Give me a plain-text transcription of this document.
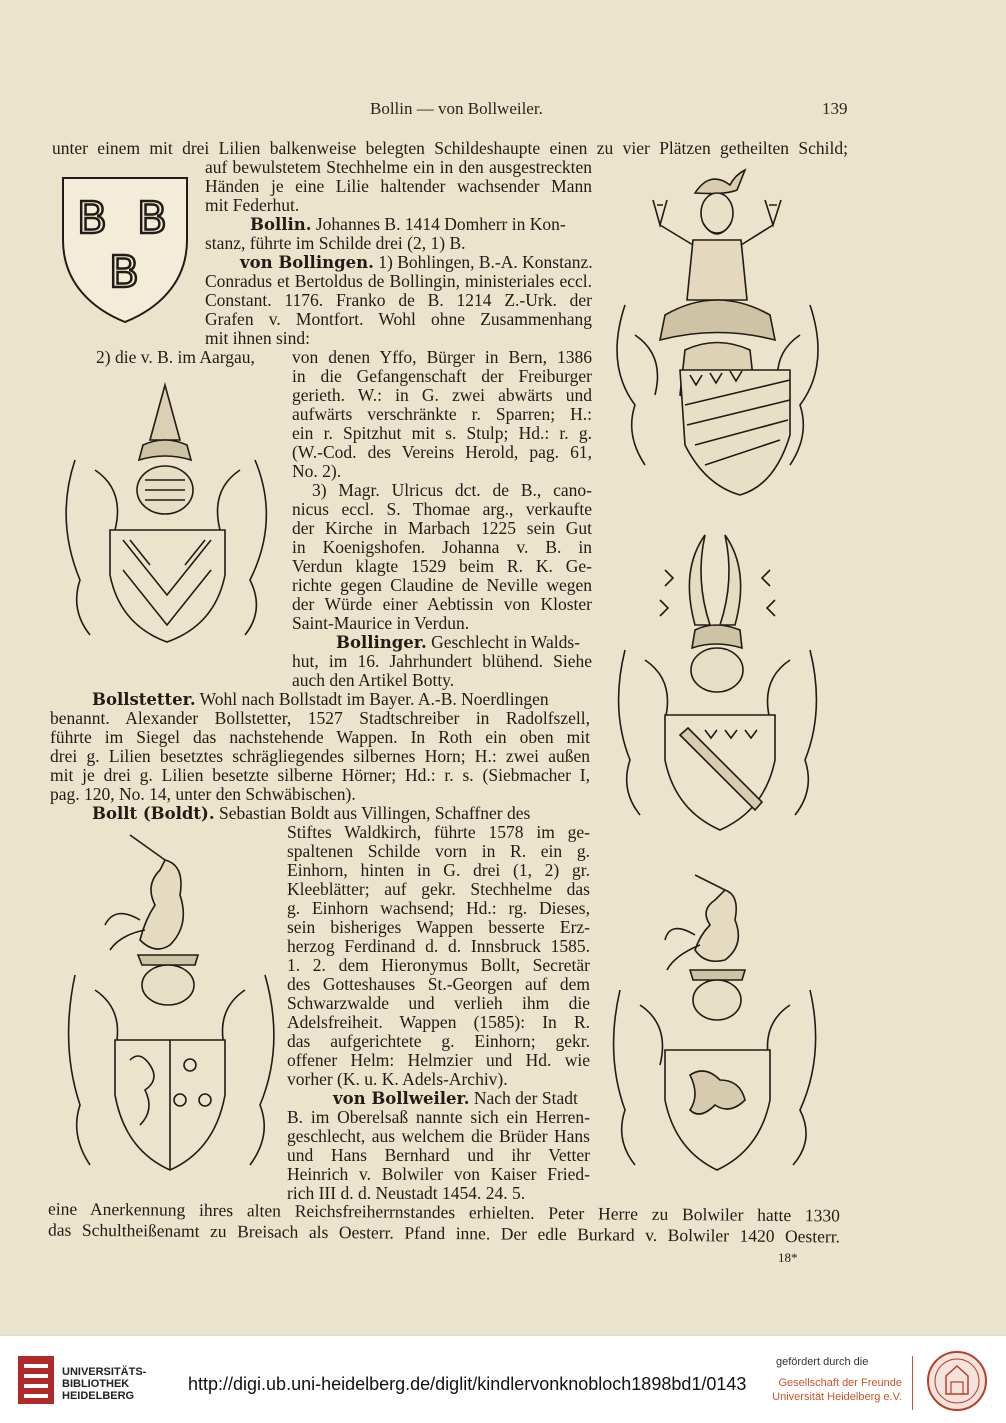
Bollin — von Bollweiler.	139
unter einem mit drei Lilien balkenweise belegten Schildeshaupte einen zu vier Plätzen getheilten Schild;
auf bewulstetem Stechhelme ein in den ausgestreckten
Händen je eine Lilie haltender wachsender Mann
mit Federhut.
Bollin. Johannes B. 1414 Domherr in Kon-
stanz, führte im Schilde drei (2, 1) B.
von Bollingen. 1) Bohlingen, B.-A. Konstanz.
Conradus et Bertoldus de Bollingin, ministeriales eccl.
Constant. 1176. Franko de B. 1214 Z.-Urk. der
Grafen v. Montfort. Wohl ohne Zusammenhang
mit ihnen sind:
2) die v. B. im Aargau, von denen Yffo, Bürger in Bern, 1386
in die Gefangenschaft der Freiburger
gerieth. W.: in G. zwei abwärts und
aufwärts verschränkte r. Sparren; H.:
ein r. Spitzhut mit s. Stulp; Hd.: r. g.
(W.-Cod. des Vereins Herold, pag. 61,
No. 2).
3) Magr. Ulricus dct. de B., cano-
nicus eccl. S. Thomae arg., verkaufte
der Kirche in Marbach 1225 sein Gut
in Koenigshofen. Johanna v. B. in
Verdun klagte 1529 beim R. K. Ge-
richte gegen Claudine de Neville wegen
der Würde einer Aebtissin von Kloster
Saint-Maurice in Verdun.
Bollinger. Geschlecht in Walds-
hut, im 16. Jahrhundert blühend. Siehe
auch den Artikel Botty.
Bollstetter. Wohl nach Bollstadt im Bayer. A.-B. Noerdlingen
benannt. Alexander Bollstetter, 1527 Stadtschreiber in Radolfszell,
führte im Siegel das nachstehende Wappen. In Roth ein oben mit
drei g. Lilien besetztes schrägliegendes silbernes Horn; H.: zwei außen
mit je drei g. Lilien besetzte silberne Hörner; Hd.: r. s. (Siebmacher I,
pag. 120, No. 14, unter den Schwäbischen).
Bollt (Boldt). Sebastian Boldt aus Villingen, Schaffner des
Stiftes Waldkirch, führte 1578 im ge-
spaltenen Schilde vorn in R. ein g.
Einhorn, hinten in G. drei (1, 2) gr.
Kleeblätter; auf gekr. Stechhelme das
g. Einhorn wachsend; Hd.: rg. Dieses,
sein bisheriges Wappen besserte Erz-
herzog Ferdinand d. d. Innsbruck 1585.
1. 2. dem Hieronymus Bollt, Secretär
des Gotteshauses St.-Georgen auf dem
Schwarzwalde und verlieh ihm die
Adelsfreiheit. Wappen (1585): In R.
das aufgerichtete g. Einhorn; gekr.
offener Helm: Helmzier und Hd. wie
vorher (K. u. K. Adels-Archiv).
von Bollweiler. Nach der Stadt
B. im Oberelsaß nannte sich ein Herren-
geschlecht, aus welchem die Brüder Hans
und Hans Bernhard und ihr Vetter
Heinrich v. Bolwiler von Kaiser Fried-
rich III d. d. Neustadt 1454. 24. 5.
eine Anerkennung ihres alten Reichsfreiherrnstandes erhielten. Peter Herre zu Bolwiler hatte 1330
das Schultheißenamt zu Breisach als Oesterr. Pfand inne. Der edle Burkard v. Bolwiler 1420 Oesterr.
18*
B B
B
UNIVERSITÄTS-
BIBLIOTHEK
HEIDELBERG
http://digi.ub.uni-heidelberg.de/diglit/kindlervonknobloch1898bd1/0143
gefördert durch die
Gesellschaft der Freunde
Universität Heidelberg e.V.
